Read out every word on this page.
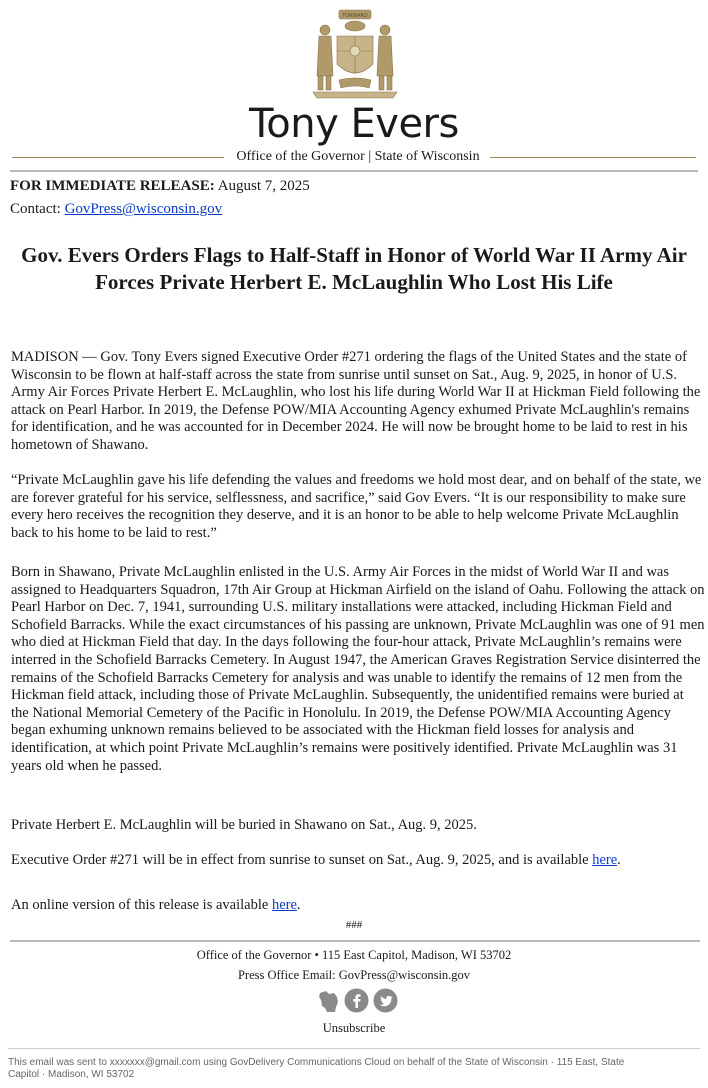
FORWARD
Tony Evers
Office of the Governor | State of Wisconsin
FOR IMMEDIATE RELEASE: August 7, 2025
Contact: GovPress@wisconsin.gov
Gov. Evers Orders Flags to Half-Staff in Honor of World War II Army Air Forces Private Herbert E. McLaughlin Who Lost His Life

MADISON — Gov. Tony Evers signed Executive Order #271 ordering the flags of the United States and the state of Wisconsin to be flown at half-staff across the state from sunrise until sunset on Sat., Aug. 9, 2025, in honor of U.S. Army Air Forces Private Herbert E. McLaughlin, who lost his life during World War II at Hickman Field following the attack on Pearl Harbor. In 2019, the Defense POW/MIA Accounting Agency exhumed Private McLaughlin's remains for identification, and he was accounted for in December 2024. He will now be brought home to be laid to rest in his hometown of Shawano.

“Private McLaughlin gave his life defending the values and freedoms we hold most dear, and on behalf of the state, we are forever grateful for his service, selflessness, and sacrifice,” said Gov Evers. “It is our responsibility to make sure every hero receives the recognition they deserve, and it is an honor to be able to help welcome Private McLaughlin back to his home to be laid to rest.”

Born in Shawano, Private McLaughlin enlisted in the U.S. Army Air Forces in the midst of World War II and was assigned to Headquarters Squadron, 17th Air Group at Hickman Airfield on the island of Oahu. Following the attack on Pearl Harbor on Dec. 7, 1941, surrounding U.S. military installations were attacked, including Hickman Field and Schofield Barracks. While the exact circumstances of his passing are unknown, Private McLaughlin was one of 91 men who died at Hickman Field that day. In the days following the four-hour attack, Private McLaughlin’s remains were interred in the Schofield Barracks Cemetery. In August 1947, the American Graves Registration Service disinterred the remains of the Schofield Barracks Cemetery for analysis and was unable to identify the remains of 12 men from the Hickman field attack, including those of Private McLaughlin. Subsequently, the unidentified remains were buried at the National Memorial Cemetery of the Pacific in Honolulu. In 2019, the Defense POW/MIA Accounting Agency began exhuming unknown remains believed to be associated with the Hickman field losses for analysis and identification, at which point Private McLaughlin’s remains were positively identified. Private McLaughlin was 31 years old when he passed.

Private Herbert E. McLaughlin will be buried in Shawano on Sat., Aug. 9, 2025.

Executive Order #271 will be in effect from sunrise to sunset on Sat., Aug. 9, 2025, and is available here.

An online version of this release is available here.

###
Office of the Governor • 115 East Capitol, Madison, WI 53702
Press Office Email: GovPress@wisconsin.gov
Unsubscribe
This email was sent to xxxxxxx@gmail.com using GovDelivery Communications Cloud on behalf of the State of Wisconsin · 115 East, State Capitol · Madison, WI 53702
